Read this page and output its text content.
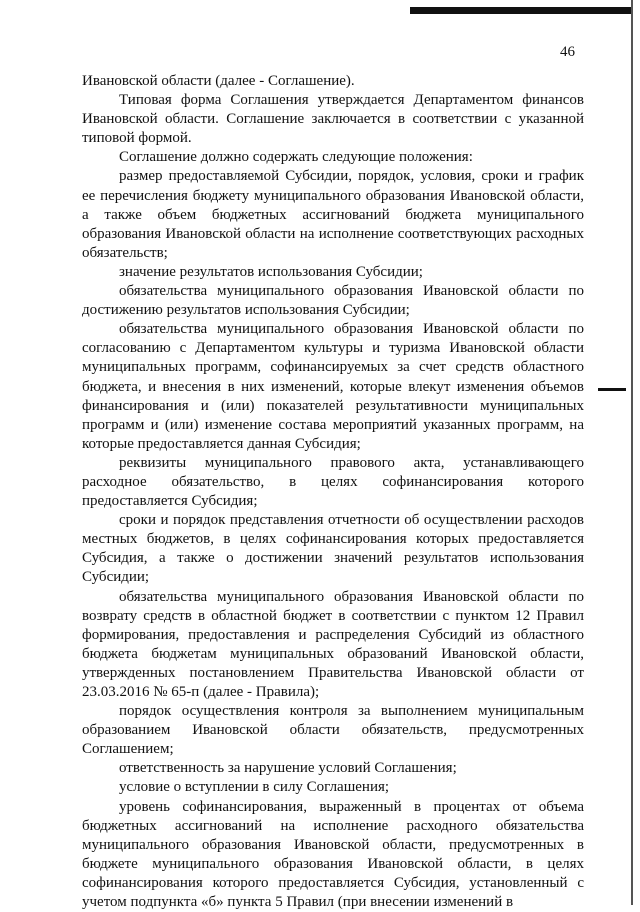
46

Ивановской области (далее - Соглашение).

Типовая форма Соглашения утверждается Департаментом финансов Ивановской области. Соглашение заключается в соответствии с указанной типовой формой.

Соглашение должно содержать следующие положения:

размер предоставляемой Субсидии, порядок, условия, сроки и график ее перечисления бюджету муниципального образования Ивановской области, а также объем бюджетных ассигнований бюджета муниципального образования Ивановской области на исполнение соответствующих расходных обязательств;

значение результатов использования Субсидии;

обязательства муниципального образования Ивановской области по достижению результатов использования Субсидии;

обязательства муниципального образования Ивановской области по согласованию с Департаментом культуры и туризма Ивановской области муниципальных программ, софинансируемых за счет средств областного бюджета, и внесения в них изменений, которые влекут изменения объемов финансирования и (или) показателей результативности муниципальных программ и (или) изменение состава мероприятий указанных программ, на которые предоставляется данная Субсидия;

реквизиты муниципального правового акта, устанавливающего расходное обязательство, в целях софинансирования которого предоставляется Субсидия;

сроки и порядок представления отчетности об осуществлении расходов местных бюджетов, в целях софинансирования которых предоставляется Субсидия, а также о достижении значений результатов использования Субсидии;

обязательства муниципального образования Ивановской области по возврату средств в областной бюджет в соответствии с пунктом 12 Правил формирования, предоставления и распределения Субсидий из областного бюджета бюджетам муниципальных образований Ивановской области, утвержденных постановлением Правительства Ивановской области от 23.03.2016 № 65-п (далее - Правила);

порядок осуществления контроля за выполнением муниципальным образованием Ивановской области обязательств, предусмотренных Соглашением;

ответственность за нарушение условий Соглашения;

условие о вступлении в силу Соглашения;

уровень софинансирования, выраженный в процентах от объема бюджетных ассигнований на исполнение расходного обязательства муниципального образования Ивановской области, предусмотренных в бюджете муниципального образования Ивановской области, в целях софинансирования которого предоставляется Субсидия, установленный с учетом подпункта «б» пункта 5 Правил (при внесении изменений в
